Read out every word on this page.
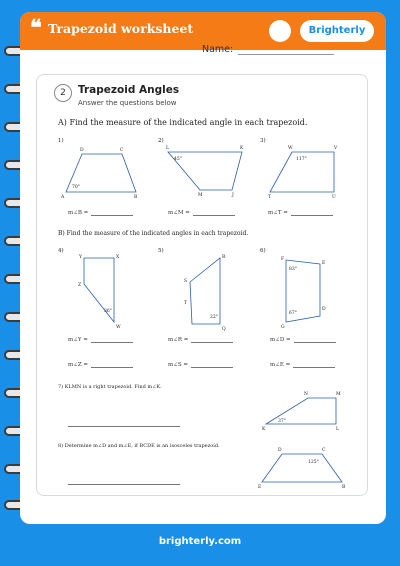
❝ Trapezoid worksheet	Brighterly
Name:
2	Trapezoid Angles
Answer the questions below
A) Find the measure of the indicated angle in each trapezoid.
1)
D	C
A	B
70°
m∠B =
2)
L	K
M	J
45°
m∠M =
3)
W	V
T	U
117°
m∠T =
B) Find the measure of the indicated angles in each trapezoid.
4)
Y	X
Z
W
36°
m∠Y =
m∠Z =
5)
R
S
T
Q
22°
m∠R =
m∠S =
6)
F
E
G
D
83°
67°
m∠D =
m∠E =
7) KLMN is a right trapezoid. Find m∠K.
N	M
K	L
37°
8) Determine m∠D and m∠E, if BCDE is an isosceles trapezoid.
D	C
E	B
125°
brighterly.com
